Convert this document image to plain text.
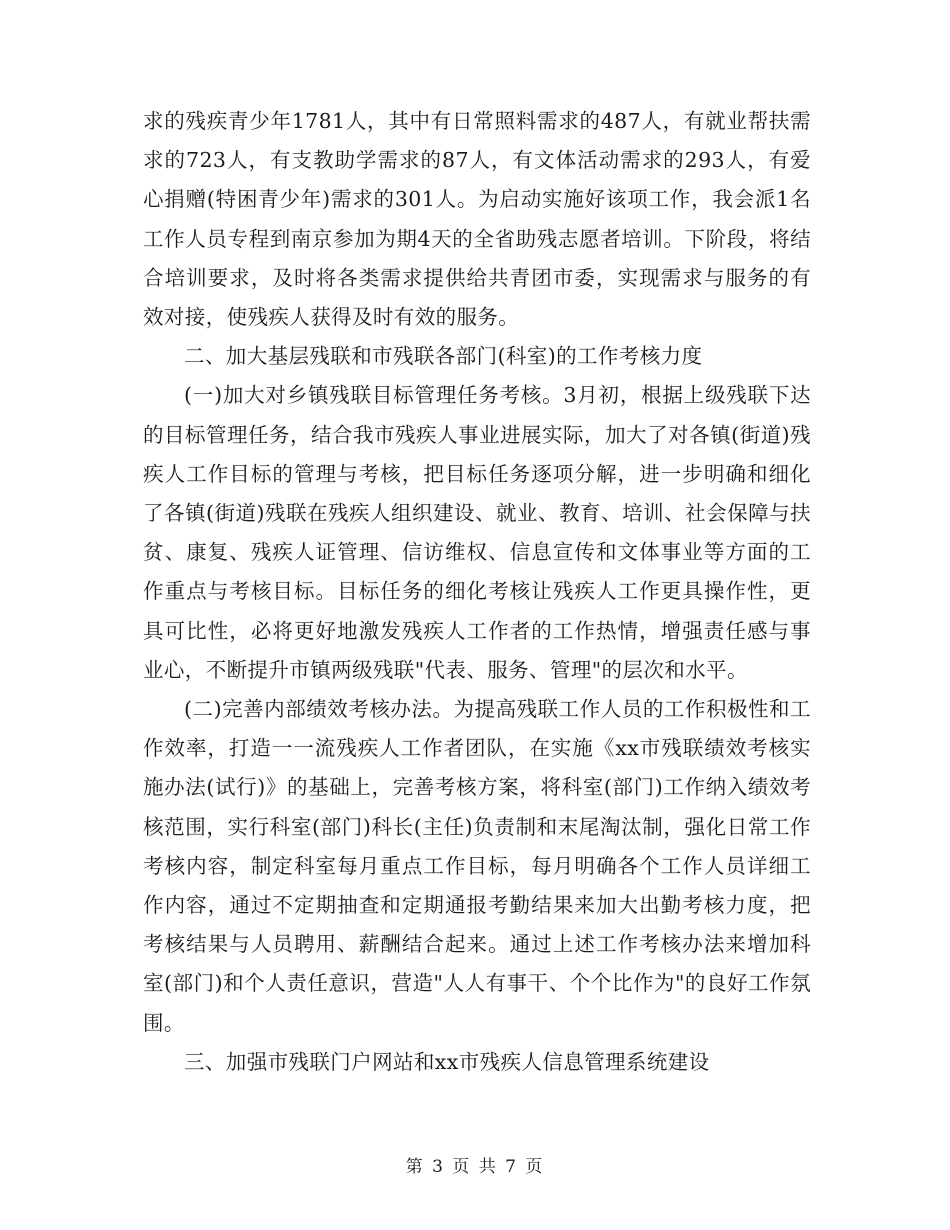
求的残疾青少年1781人，其中有日常照料需求的487人，有就业帮扶需求的723人，有支教助学需求的87人，有文体活动需求的293人，有爱心捐赠(特困青少年)需求的301人。为启动实施好该项工作，我会派1名工作人员专程到南京参加为期4天的全省助残志愿者培训。下阶段，将结合培训要求，及时将各类需求提供给共青团市委，实现需求与服务的有效对接，使残疾人获得及时有效的服务。

二、加大基层残联和市残联各部门(科室)的工作考核力度

(一)加大对乡镇残联目标管理任务考核。3月初，根据上级残联下达的目标管理任务，结合我市残疾人事业进展实际，加大了对各镇(街道)残疾人工作目标的管理与考核，把目标任务逐项分解，进一步明确和细化了各镇(街道)残联在残疾人组织建设、就业、教育、培训、社会保障与扶贫、康复、残疾人证管理、信访维权、信息宣传和文体事业等方面的工作重点与考核目标。目标任务的细化考核让残疾人工作更具操作性，更具可比性，必将更好地激发残疾人工作者的工作热情，增强责任感与事业心，不断提升市镇两级残联"代表、服务、管理"的层次和水平。

(二)完善内部绩效考核办法。为提高残联工作人员的工作积极性和工作效率，打造一一流残疾人工作者团队，在实施《xx市残联绩效考核实施办法(试行)》的基础上，完善考核方案，将科室(部门)工作纳入绩效考核范围，实行科室(部门)科长(主任)负责制和末尾淘汰制，强化日常工作考核内容，制定科室每月重点工作目标，每月明确各个工作人员详细工作内容，通过不定期抽查和定期通报考勤结果来加大出勤考核力度，把考核结果与人员聘用、薪酬结合起来。通过上述工作考核办法来增加科室(部门)和个人责任意识，营造"人人有事干、个个比作为"的良好工作氛围。

三、加强市残联门户网站和xx市残疾人信息管理系统建设

第 3 页 共 7 页
